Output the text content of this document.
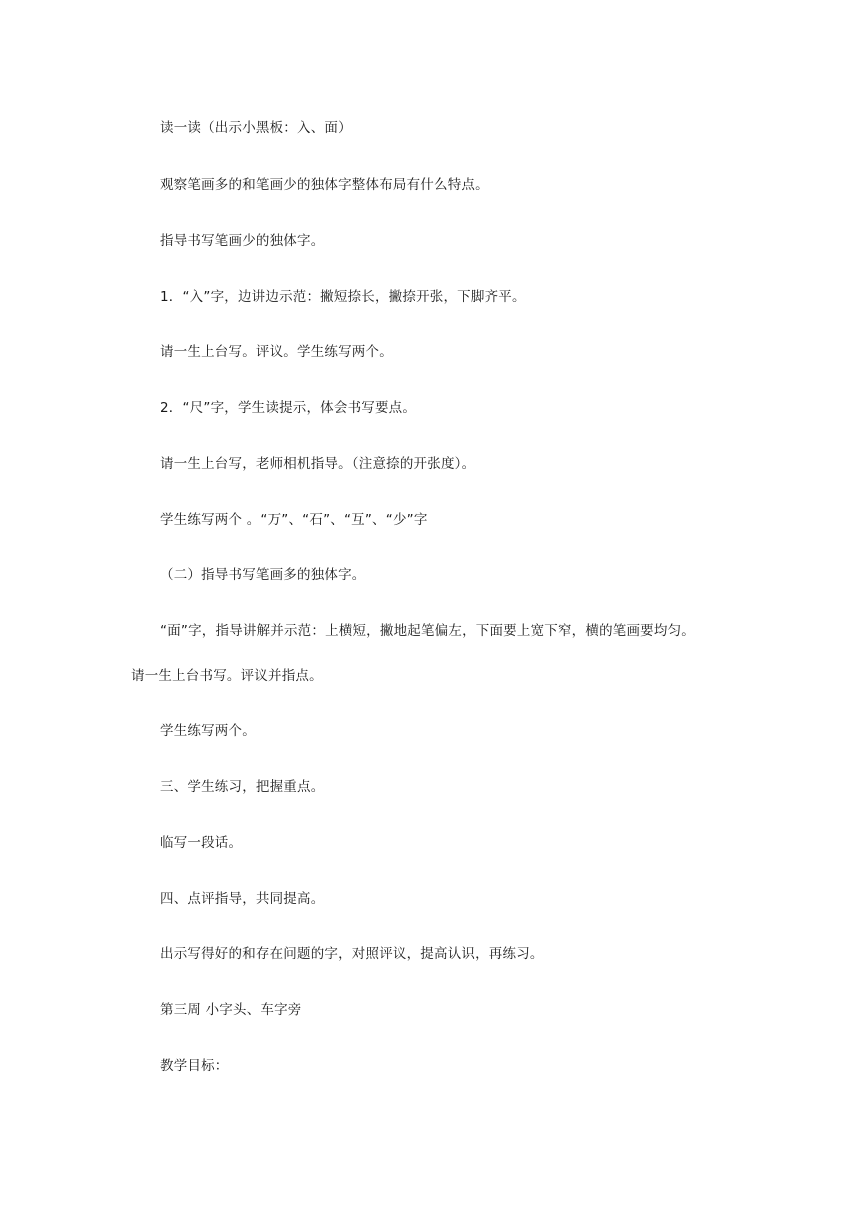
读一读（出示小黑板：入、面）
观察笔画多的和笔画少的独体字整体布局有什么特点。
指导书写笔画少的独体字。
1．“入”字，边讲边示范：撇短捺长，撇捺开张，下脚齐平。
请一生上台写。评议。学生练写两个。
2．“尺”字，学生读提示，体会书写要点。
请一生上台写，老师相机指导。（注意捺的开张度）。
学生练写两个 。“万”、“石”、“互”、“少”字
（二）指导书写笔画多的独体字。
“面”字，指导讲解并示范：上横短，撇地起笔偏左，下面要上宽下窄，横的笔画要均匀。
请一生上台书写。评议并指点。
学生练写两个。
三、学生练习，把握重点。
临写一段话。
四、点评指导，共同提高。
出示写得好的和存在问题的字，对照评议，提高认识，再练习。
第三周 小字头、车字旁
教学目标：
